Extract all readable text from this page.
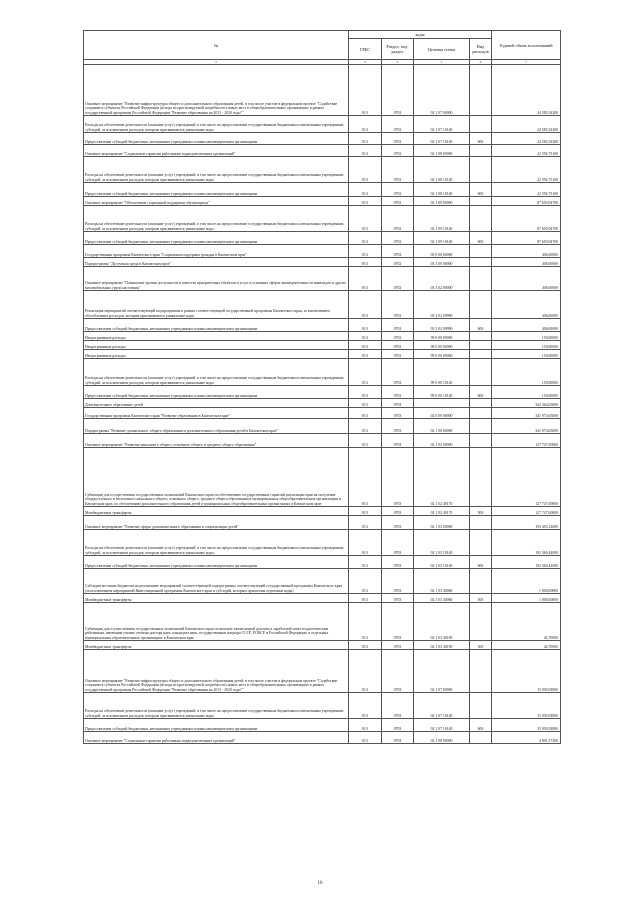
№	коды				Годовой объем ассигнований
	ГРБС	Раздел, под-раздел	Целевая статья	Вид расходов	
2	3	4	5	6	7
Основное мероприятие "Развитие инфраструктуры общего и дополнительного образования детей, в том числе участие в федеральном проекте "Содействие созданию в субъектах Российской Федерации (исходя из прогнозируемой потребности) новых мест в общеобразовательных организациях в рамках государственной программы Российской Федерации "Развитие образования на 2013 - 2020 годы""	813	0702	02 1 07 00000		24 583,54200
Расходы на обеспечение деятельности (оказание услуг) учреждений, в том числе на предоставление государственным бюджетным и автономным учреждениям субсидий, за исключением расходов, которым присваиваются уникальные коды	813	0702	02 1 07 10140		24 583,54200
Предоставление субсидий бюджетным, автономным учреждениям и иным некоммерческим организациям	813	0702	02 1 07 10140	600	24 583,54200
Основное мероприятие "Социальные гарантии работникам подведомственных организаций"	813	0702	02 1 08 00000		22 592,75100
Расходы на обеспечение деятельности (оказание услуг) учреждений, в том числе на предоставление государственным бюджетным и автономным учреждениям субсидий, за исключением расходов, которым присваиваются уникальные коды	813	0702	02 1 08 10140		22 592,75100
Предоставление субсидий бюджетным, автономным учреждениям и иным некоммерческим организациям	813	0702	02 1 08 10140	600	22 592,75100
Основное мероприятие "Обеспечение социальной поддержки обучающихся"	813	0702	02 1 09 00000		87 650,94700
Расходы на обеспечение деятельности (оказание услуг) учреждений, в том числе на предоставление государственным бюджетным и автономным учреждениям субсидий, за исключением расходов, которым присваиваются уникальные коды	813	0702	02 1 09 10140		87 650,94700
Предоставление субсидий бюджетным, автономным учреждениям и иным некоммерческим организациям	813	0702	02 1 09 10140	600	87 650,94700
Государственная программа Камчатского края "Социальная поддержка граждан в Камчатском крае"	813	0702	03 0 00 00000		406,00000
Подпрограмма "Доступная среда в Камчатском крае"	813	0702	03 3 00 00000		406,00000
Основное мероприятие "Повышение уровня доступности и качества приоритетных объектов и услуг в основных сферах жизнедеятельности инвалидов и других маломобильных групп населения"	813	0702	03 3 02 00000		406,00000
Реализация мероприятий соответствующей подпрограммы в рамках соответствующей государственной программы Камчатского края, за исключением обособленных расходов, которым присваиваются уникальные коды	813	0702	03 3 02 09990		406,00000
Предоставление субсидий бюджетным, автономным учреждениям и иным некоммерческим организациям	813	0702	03 3 02 09990	600	406,00000
Непрограммные расходы	813	0702	99 0 00 00000		150,00000
Непрограммные расходы	813	0702	99 0 00 00000		150,00000
Непрограммные расходы	813	0702	99 0 00 00000		150,00000
Расходы на обеспечение деятельности (оказание услуг) учреждений, в том числе на предоставление государственным бюджетным и автономным учреждениям субсидий, за исключением расходов, которым присваиваются уникальные коды	813	0702	99 0 00 10140		150,00000
Предоставление субсидий бюджетным, автономным учреждениям и иным некоммерческим организациям	813	0702	99 0 00 10140	600	150,00000
Дополнительное образование детей	813	0703			342 364,65000
Государственная программа Камчатского края "Развитие образования в Камчатском крае"	813	0703	02 0 00 00000		341 974,65000
Подпрограмма "Развитие дошкольного, общего образования и дополнительного образования детей в Камчатском крае"	813	0703	02 1 00 00000		341 974,65000
Основное мероприятие "Развитие начального общего, основного общего и среднего общего образования"	813	0703	02 1 02 00000		127 747,00000
Субвенции для осуществления государственных полномочий Камчатского края по обеспечению государственных гарантий реализации прав на получение общедоступного и бесплатного начального общего, основного общего, среднего общего образования в муниципальных общеобразовательных организациях в Камчатском крае, по обеспечению дополнительного образования детей в муниципальных общеобразовательных организациях в Камчатском крае	813	0703	02 1 02 40170		127 747,00000
Межбюджетные трансферты	813	0703	02 1 02 40170	500	127 747,00000
Основное мероприятие "Развитие сферы дополнительного образования и социализации детей"	813	0703	02 1 03 00000		193 405,14000
Расходы на обеспечение деятельности (оказание услуг) учреждений, в том числе на предоставление государственным бюджетным и автономным учреждениям субсидий, за исключением расходов, которым присваиваются уникальные коды	813	0703	02 1 03 10140		192 360,44000
Предоставление субсидий бюджетным, автономным учреждениям и иным некоммерческим организациям	813	0703	02 1 03 10140	600	192 360,44000
Субсидии местным бюджетам на реализацию мероприятий соответствующей подпрограммы соответствующей государственной программы Камчатского края (за исключением мероприятий Инвестиционной программы Камчатского края и субсидий, которым присвоены отдельные коды)	813	0703	02 1 03 40060		1 000,00000
Межбюджетные трансферты	813	0703	02 1 03 40060	500	1 000,00000
Субвенции для осуществления государственных полномочий Камчатского края по выплате ежемесячной доплаты к заработной плате педагогическим работникам, имеющим ученые степени доктора наук, кандидата наук, государственные награды СССР, РСФСР и Российской Федерации, в отдельных муниципальных образовательных организациях в Камчатском крае	813	0703	02 1 03 40190		44,70000
Межбюджетные трансферты	813	0703	02 1 03 40190	500	44,70000
Основное мероприятие "Развитие инфраструктуры общего и дополнительного образования детей, в том числе участие в федеральном проекте "Содействие созданию в субъектах Российской Федерации (исходя из прогнозируемой потребности) новых мест в общеобразовательных организациях в рамках государственной программы Российской Федерации "Развитие образования на 2013 - 2020 годы""	813	0703	02 1 07 00000		15 930,93800
Расходы на обеспечение деятельности (оказание услуг) учреждений, в том числе на предоставление государственным бюджетным и автономным учреждениям субсидий, за исключением расходов, которым присваиваются уникальные коды	813	0703	02 1 07 10140		15 930,93800
Предоставление субсидий бюджетным, автономным учреждениям и иным некоммерческим организациям	813	0703	02 1 07 10140	600	15 930,93800
Основное мероприятие "Социальные гарантии работникам подведомственных организаций"	813	0703	02 1 08 00000		4 891,57200
16
